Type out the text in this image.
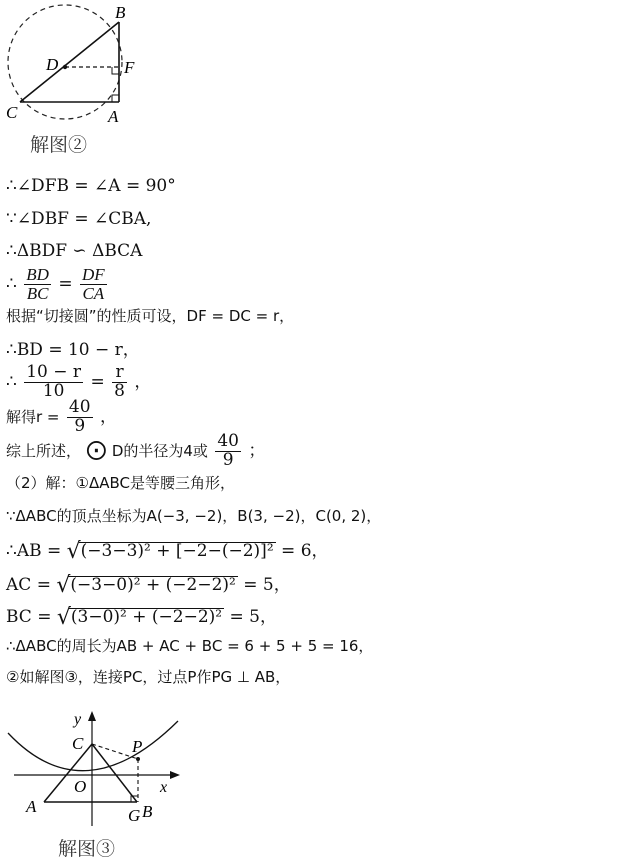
B
D	F
C	A
解图②
∴∠DFB = ∠A = 90°
∵∠DBF = ∠CBA,
∴ΔBDF ∽ ΔBCA
∴ $\frac{BD}{BC} = \frac{DF}{CA}$
根据“切接圆”的性质可设，DF = DC = r，
∴BD = 10 − r，
∴ $\frac{10 - r}{10} = \frac{r}{8}$ ，
解得$r = \frac{40}{9}$ ，
综上所述， ⨀ D的半径为4或 $\frac{40}{9}$ ；
（2）解：①ΔABC是等腰三角形，
∵ΔABC的顶点坐标为A(−3, −2)，B(3, −2)，C(0, 2)，
∴AB = √(−3−3)² + [−2−(−2)]² = 6，
AC = √(−3−0)² + (−2−2)² = 5，
BC = √(3−0)² + (−2−2)² = 5，
∴ΔABC的周长为AB + AC + BC = 6 + 5 + 5 = 16，
②如解图③，连接PC，过点P作PG ⊥ AB，
y
C	P
O	x
A	G B
解图③
